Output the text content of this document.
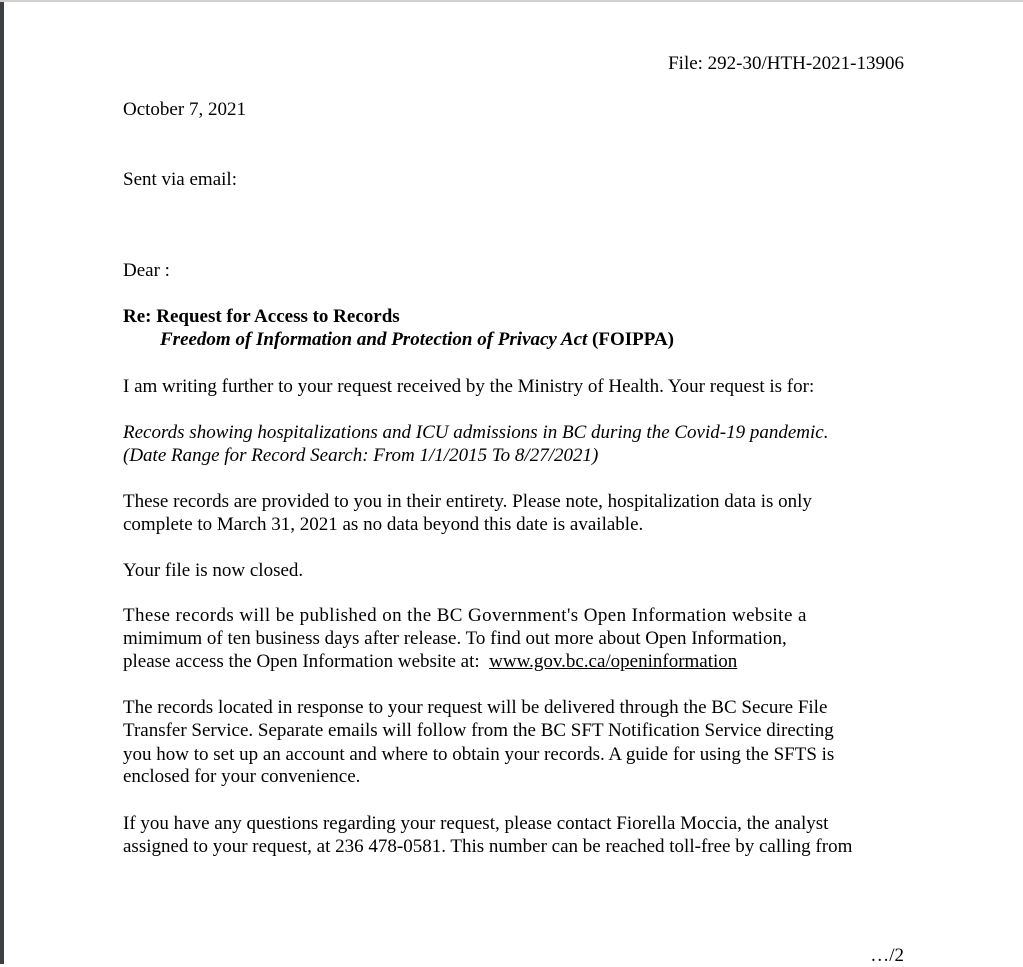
File: 292-30/HTH-2021-13906
October 7, 2021
Sent via email:
Dear :
Re: Request for Access to Records
Freedom of Information and Protection of Privacy Act (FOIPPA)
I am writing further to your request received by the Ministry of Health. Your request is for:
Records showing hospitalizations and ICU admissions in BC during the Covid-19 pandemic.
(Date Range for Record Search: From 1/1/2015 To 8/27/2021)
These records are provided to you in their entirety. Please note, hospitalization data is only
complete to March 31, 2021 as no data beyond this date is available.
Your file is now closed.
These records will be published on the BC Government's Open Information website a
mimimum of ten business days after release. To find out more about Open Information,
please access the Open Information website at:  www.gov.bc.ca/openinformation
The records located in response to your request will be delivered through the BC Secure File
Transfer Service. Separate emails will follow from the BC SFT Notification Service directing
you how to set up an account and where to obtain your records. A guide for using the SFTS is
enclosed for your convenience.
If you have any questions regarding your request, please contact Fiorella Moccia, the analyst
assigned to your request, at 236 478-0581. This number can be reached toll-free by calling from
…/2
